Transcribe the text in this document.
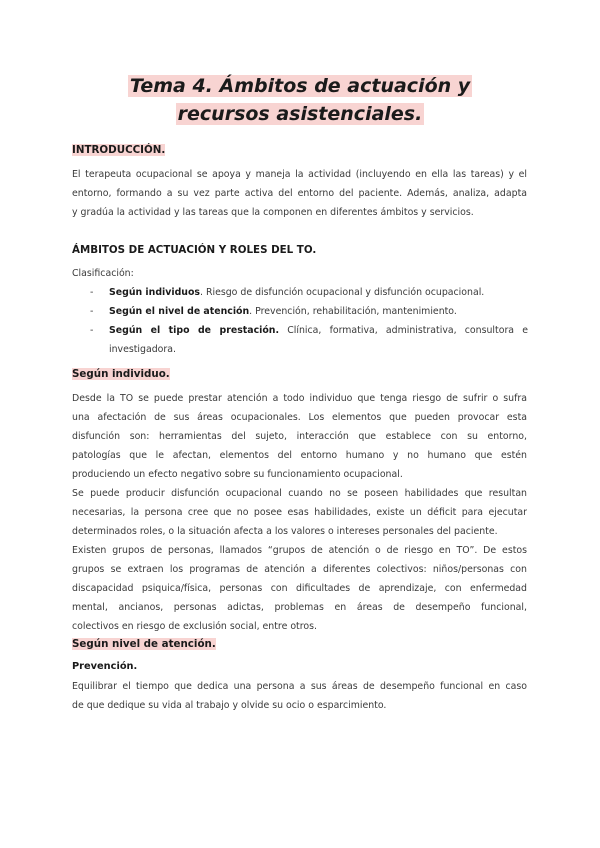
Tema 4. Ámbitos de actuación y
recursos asistenciales.
INTRODUCCIÓN.
El terapeuta ocupacional se apoya y maneja la actividad (incluyendo en ella las tareas) y el
entorno, formando a su vez parte activa del entorno del paciente. Además, analiza, adapta
y gradúa la actividad y las tareas que la componen en diferentes ámbitos y servicios.
ÁMBITOS DE ACTUACIÓN Y ROLES DEL TO.
Clasificación:
- Según individuos. Riesgo de disfunción ocupacional y disfunción ocupacional.
- Según el nivel de atención. Prevención, rehabilitación, mantenimiento.
- Según el tipo de prestación. Clínica, formativa, administrativa, consultora e
investigadora.
Según individuo.
Desde la TO se puede prestar atención a todo individuo que tenga riesgo de sufrir o sufra
una afectación de sus áreas ocupacionales. Los elementos que pueden provocar esta
disfunción son: herramientas del sujeto, interacción que establece con su entorno,
patologías que le afectan, elementos del entorno humano y no humano que estén
produciendo un efecto negativo sobre su funcionamiento ocupacional.
Se puede producir disfunción ocupacional cuando no se poseen habilidades que resultan
necesarias, la persona cree que no posee esas habilidades, existe un déficit para ejecutar
determinados roles, o la situación afecta a los valores o intereses personales del paciente.
Existen grupos de personas, llamados “grupos de atención o de riesgo en TO”. De estos
grupos se extraen los programas de atención a diferentes colectivos: niños/personas con
discapacidad psiquica/física, personas con dificultades de aprendizaje, con enfermedad
mental, ancianos, personas adictas, problemas en áreas de desempeño funcional,
colectivos en riesgo de exclusión social, entre otros.
Según nivel de atención.
Prevención.
Equilibrar el tiempo que dedica una persona a sus áreas de desempeño funcional en caso
de que dedique su vida al trabajo y olvide su ocio o esparcimiento.
